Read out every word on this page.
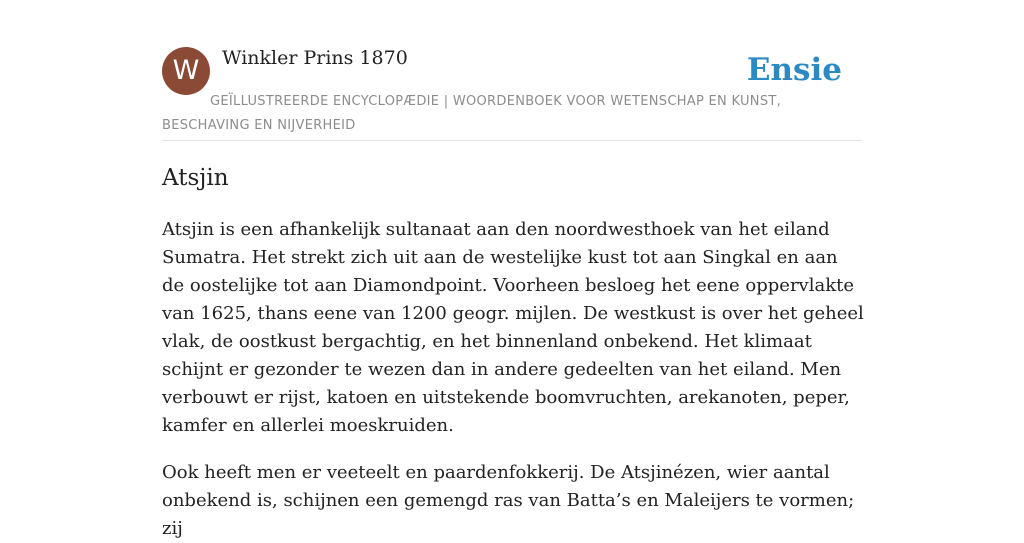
W	Winkler Prins 1870	Ensie
GEÏLLUSTREERDE ENCYCLOPÆDIE | WOORDENBOEK VOOR WETENSCHAP EN KUNST, BESCHAVING EN NIJVERHEID
Atsjin

Atsjin is een afhankelijk sultanaat aan den noordwesthoek van het eiland Sumatra. Het strekt zich uit aan de westelijke kust tot aan Singkal en aan de oostelijke tot aan Diamondpoint. Voorheen besloeg het eene oppervlakte van 1625, thans eene van 1200 geogr. mijlen. De westkust is over het geheel vlak, de oostkust bergachtig, en het binnenland onbekend. Het klimaat schijnt er gezonder te wezen dan in andere gedeelten van het eiland. Men verbouwt er rijst, katoen en uitstekende boomvruchten, arekanoten, peper, kamfer en allerlei moeskruiden.

Ook heeft men er veeteelt en paardenfokkerij. De Atsjinézen, wier aantal onbekend is, schijnen een gemengd ras van Batta’s en Maleijers te vormen; zij
